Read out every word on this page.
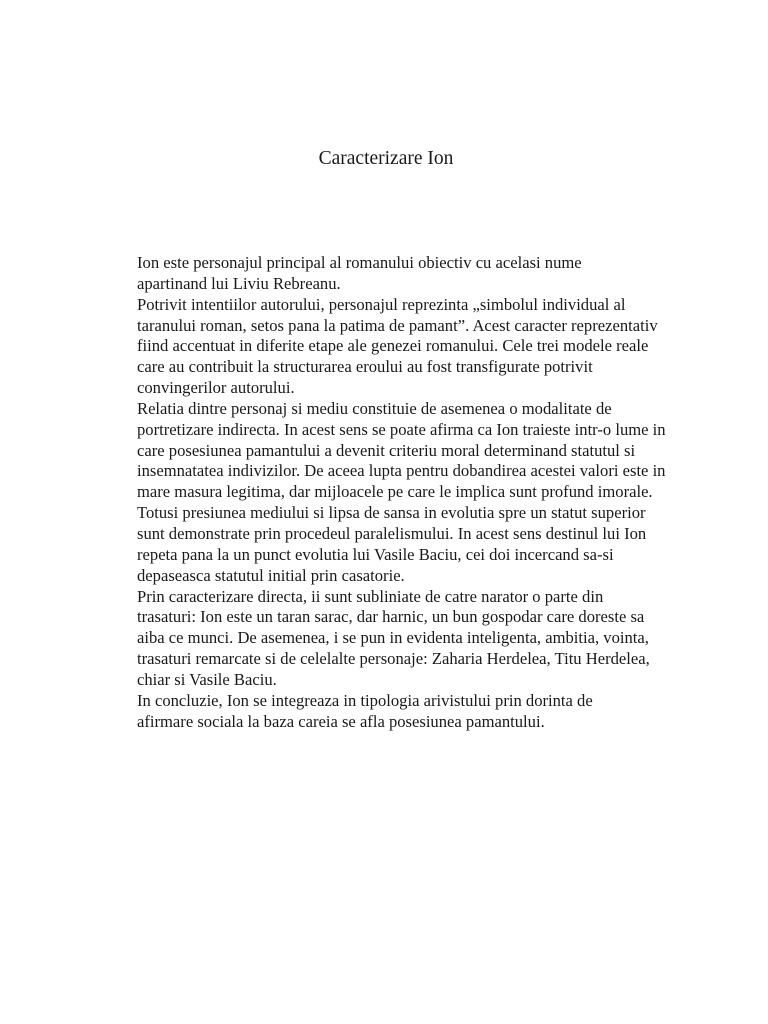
Caracterizare Ion

Ion este personajul principal al romanului obiectiv cu acelasi nume
apartinand lui Liviu Rebreanu.

Potrivit intentiilor autorului, personajul reprezinta „simbolul individual al
taranului roman, setos pana la patima de pamant”. Acest caracter reprezentativ
fiind accentuat in diferite etape ale genezei romanului. Cele trei modele reale
care au contribuit la structurarea eroului au fost transfigurate potrivit
convingerilor autorului.

Relatia dintre personaj si mediu constituie de asemenea o modalitate de
portretizare indirecta. In acest sens se poate afirma ca Ion traieste intr-o lume in
care posesiunea pamantului a devenit criteriu moral determinand statutul si
insemnatatea indivizilor. De aceea lupta pentru dobandirea acestei valori este in
mare masura legitima, dar mijloacele pe care le implica sunt profund imorale.
Totusi presiunea mediului si lipsa de sansa in evolutia spre un statut superior
sunt demonstrate prin procedeul paralelismului. In acest sens destinul lui Ion
repeta pana la un punct evolutia lui Vasile Baciu, cei doi incercand sa-si
depaseasca statutul initial prin casatorie.

Prin caracterizare directa, ii sunt subliniate de catre narator o parte din
trasaturi: Ion este un taran sarac, dar harnic, un bun gospodar care doreste sa
aiba ce munci. De asemenea, i se pun in evidenta inteligenta, ambitia, vointa,
trasaturi remarcate si de celelalte personaje: Zaharia Herdelea, Titu Herdelea,
chiar si Vasile Baciu.

In concluzie, Ion se integreaza in tipologia arivistului prin dorinta de
afirmare sociala la baza careia se afla posesiunea pamantului.
